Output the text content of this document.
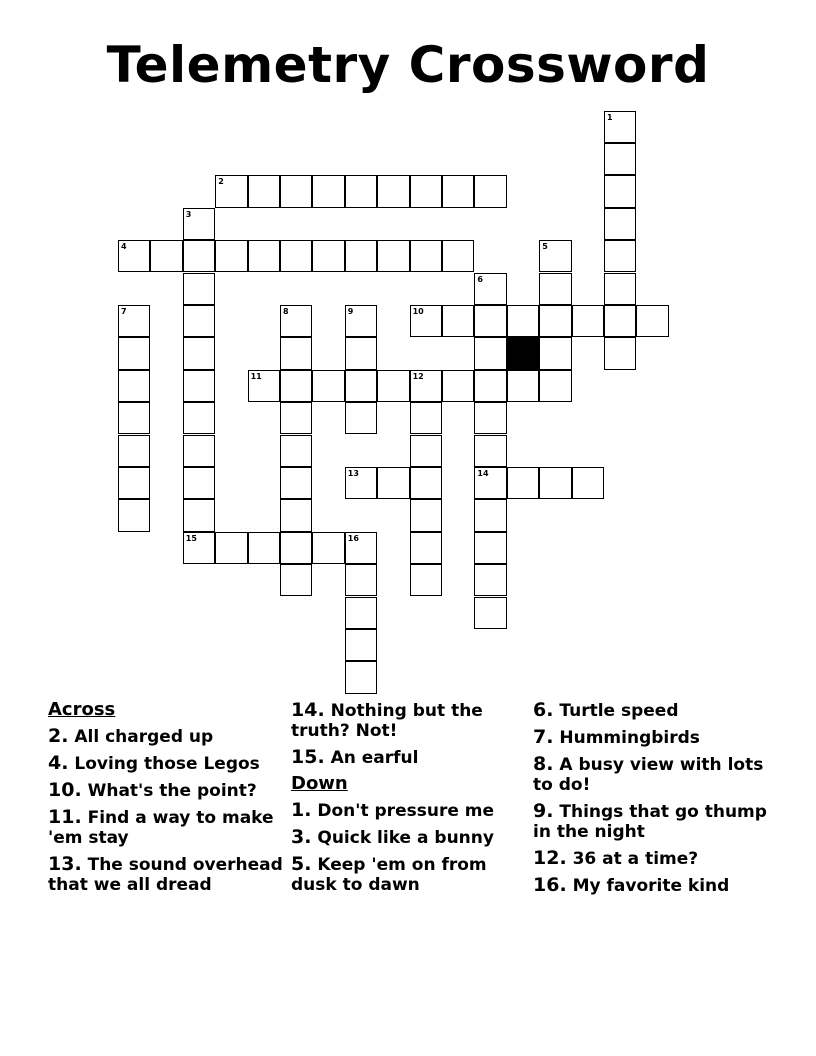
Telemetry Crossword
1
2
3
15
4	5
6
14
7	8	9	10
11	12
13
16
Across
2. All charged up
4. Loving those Legos
10. What's the point?
11. Find a way to make 'em stay
13. The sound overhead that we all dread
14. Nothing but the truth? Not!
15. An earful
Down
1. Don't pressure me
3. Quick like a bunny
5. Keep 'em on from dusk to dawn
6. Turtle speed
7. Hummingbirds
8. A busy view with lots to do!
9. Things that go thump in the night
12. 36 at a time?
16. My favorite kind
